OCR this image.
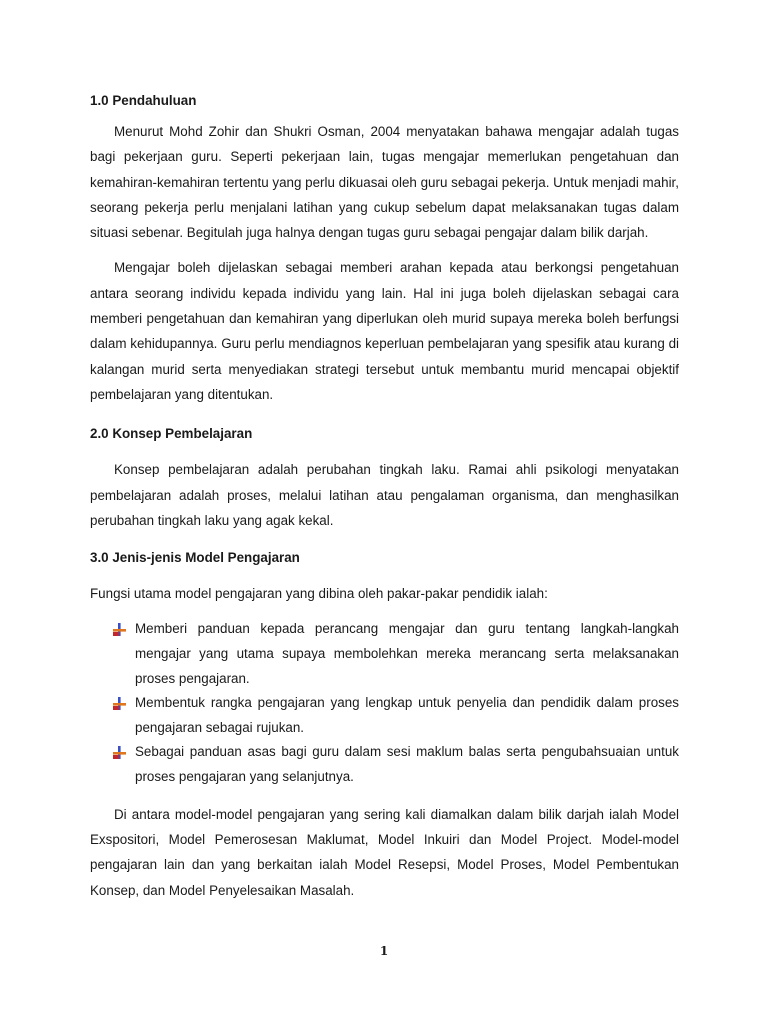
1.0 Pendahuluan

Menurut Mohd Zohir dan Shukri Osman, 2004 menyatakan bahawa mengajar adalah tugas bagi pekerjaan guru. Seperti pekerjaan lain, tugas mengajar memerlukan pengetahuan dan kemahiran-kemahiran tertentu yang perlu dikuasai oleh guru sebagai pekerja. Untuk menjadi mahir, seorang pekerja perlu menjalani latihan yang cukup sebelum dapat melaksanakan tugas dalam situasi sebenar. Begitulah juga halnya dengan tugas guru sebagai pengajar dalam bilik darjah.

Mengajar boleh dijelaskan sebagai memberi arahan kepada atau berkongsi pengetahuan antara seorang individu kepada individu yang lain. Hal ini juga boleh dijelaskan sebagai cara memberi pengetahuan dan kemahiran yang diperlukan oleh murid supaya mereka boleh berfungsi dalam kehidupannya. Guru perlu mendiagnos keperluan pembelajaran yang spesifik atau kurang di kalangan murid serta menyediakan strategi tersebut untuk membantu murid mencapai objektif pembelajaran yang ditentukan.

2.0 Konsep Pembelajaran

Konsep pembelajaran adalah perubahan tingkah laku. Ramai ahli psikologi menyatakan pembelajaran adalah proses, melalui latihan atau pengalaman organisma, dan menghasilkan perubahan tingkah laku yang agak kekal.

3.0 Jenis-jenis Model Pengajaran

Fungsi utama model pengajaran yang dibina oleh pakar-pakar pendidik ialah:

Memberi panduan kepada perancang mengajar dan guru tentang langkah-langkah mengajar yang utama supaya membolehkan mereka merancang serta melaksanakan proses pengajaran.
Membentuk rangka pengajaran yang lengkap untuk penyelia dan pendidik dalam proses pengajaran sebagai rujukan.
Sebagai panduan asas bagi guru dalam sesi maklum balas serta pengubahsuaian untuk proses pengajaran yang selanjutnya.

Di antara model-model pengajaran yang sering kali diamalkan dalam bilik darjah ialah Model Exspositori, Model Pemerosesan Maklumat, Model Inkuiri dan Model Project. Model-model pengajaran lain dan yang berkaitan ialah Model Resepsi, Model Proses, Model Pembentukan Konsep, dan Model Penyelesaikan Masalah.

1
